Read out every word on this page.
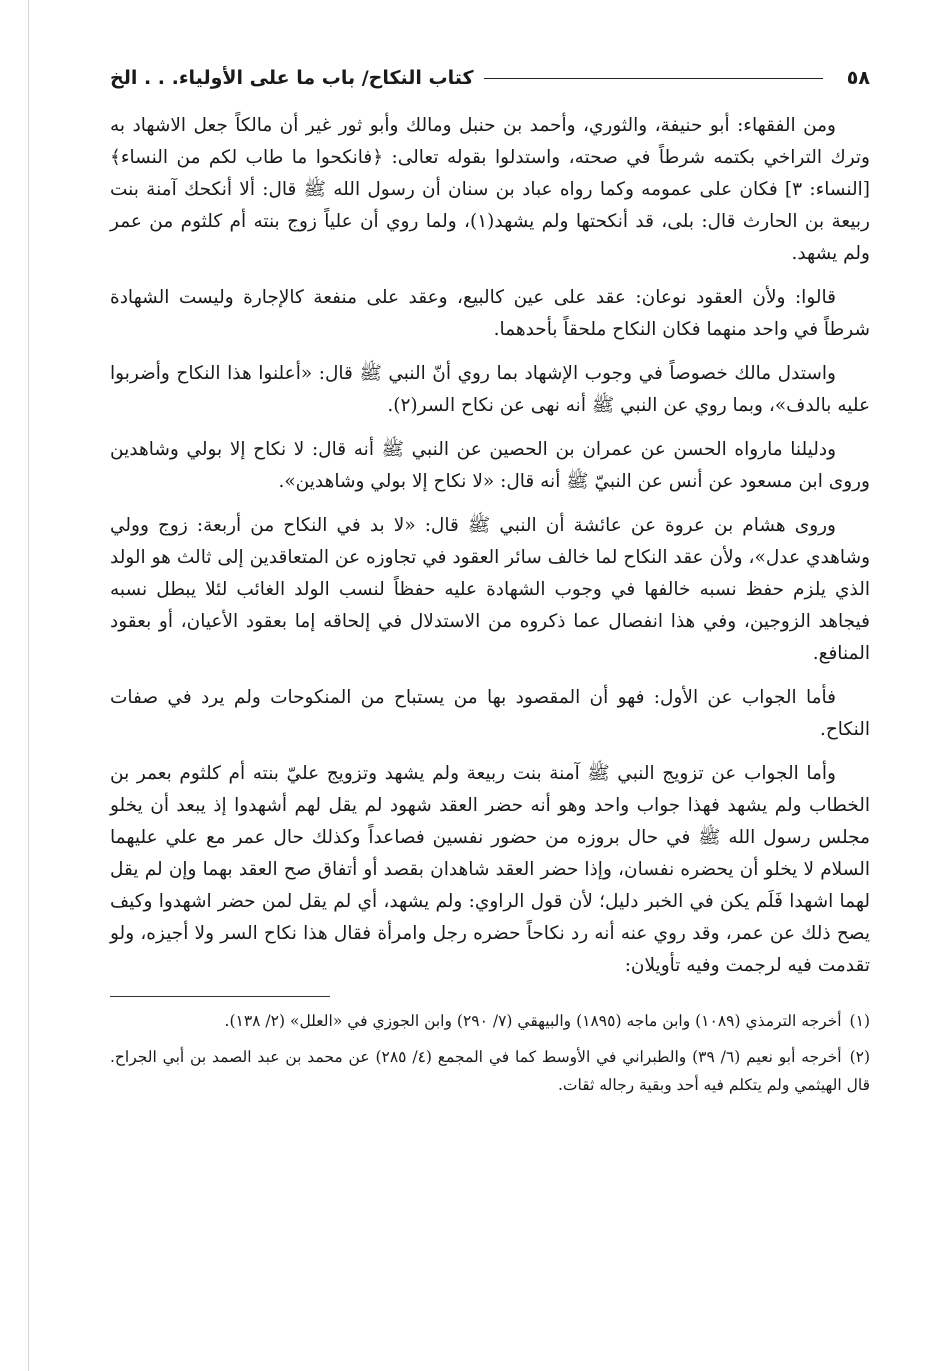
٥٨
كتاب النكاح/ باب ما على الأولياء. . . الخ

ومن الفقهاء: أبو حنيفة، والثوري، وأحمد بن حنبل ومالك وأبو ثور غير أن مالكاً جعل الاشهاد به وترك التراخي بكتمه شرطاً في صحته، واستدلوا بقوله تعالى: ﴿فانكحوا ما طاب لكم من النساء﴾ [النساء: ٣] فكان على عمومه وكما رواه عباد بن سنان أن رسول الله ﷺ قال: ألا أنكحك آمنة بنت ربيعة بن الحارث قال: بلى، قد أنكحتها ولم يشهد(١)، ولما روي أن علياً زوج بنته أم كلثوم من عمر ولم يشهد.

قالوا: ولأن العقود نوعان: عقد على عين كالبيع، وعقد على منفعة كالإجارة وليست الشهادة شرطاً في واحد منهما فكان النكاح ملحقاً بأحدهما.

واستدل مالك خصوصاً في وجوب الإشهاد بما روي أنّ النبي ﷺ قال: «أعلنوا هذا النكاح وأضربوا عليه بالدف»، وبما روي عن النبي ﷺ أنه نهى عن نكاح السر(٢).

ودليلنا مارواه الحسن عن عمران بن الحصين عن النبي ﷺ أنه قال: لا نكاح إلا بولي وشاهدين وروى ابن مسعود عن أنس عن النبيّ ﷺ أنه قال: «لا نكاح إلا بولي وشاهدين».

وروى هشام بن عروة عن عائشة أن النبي ﷺ قال: «لا بد في النكاح من أربعة: زوج وولي وشاهدي عدل»، ولأن عقد النكاح لما خالف سائر العقود في تجاوزه عن المتعاقدين إلى ثالث هو الولد الذي يلزم حفظ نسبه خالفها في وجوب الشهادة عليه حفظاً لنسب الولد الغائب لئلا يبطل نسبه فيجاهد الزوجين، وفي هذا انفصال عما ذكروه من الاستدلال في إلحاقه إما بعقود الأعيان، أو بعقود المنافع.

فأما الجواب عن الأول: فهو أن المقصود بها من يستباح من المنكوحات ولم يرد في صفات النكاح.

وأما الجواب عن تزويج النبي ﷺ آمنة بنت ربيعة ولم يشهد وتزويج عليّ بنته أم كلثوم بعمر بن الخطاب ولم يشهد فهذا جواب واحد وهو أنه حضر العقد شهود لم يقل لهم أشهدوا إذ يبعد أن يخلو مجلس رسول الله ﷺ في حال بروزه من حضور نفسين فصاعداً وكذلك حال عمر مع علي عليهما السلام لا يخلو أن يحضره نفسان، وإذا حضر العقد شاهدان بقصد أو أتفاق صح العقد بهما وإن لم يقل لهما اشهدا فَلَم يكن في الخبر دليل؛ لأن قول الراوي: ولم يشهد، أي لم يقل لمن حضر اشهدوا وكيف يصح ذلك عن عمر، وقد روي عنه أنه رد نكاحاً حضره رجل وامرأة فقال هذا نكاح السر ولا أجيزه، ولو تقدمت فيه لرجمت وفيه تأويلان:

(١)أخرجه الترمذي (١٠٨٩) وابن ماجه (١٨٩٥) والبيهقي (٧/ ٢٩٠) وابن الجوزي في «العلل» (٢/ ١٣٨).

(٢)أخرجه أبو نعيم (٦/ ٣٩) والطبراني في الأوسط كما في المجمع (٤/ ٢٨٥) عن محمد بن عبد الصمد بن أبي الجراح. قال الهيثمي ولم يتكلم فيه أحد وبقية رجاله ثقات.
